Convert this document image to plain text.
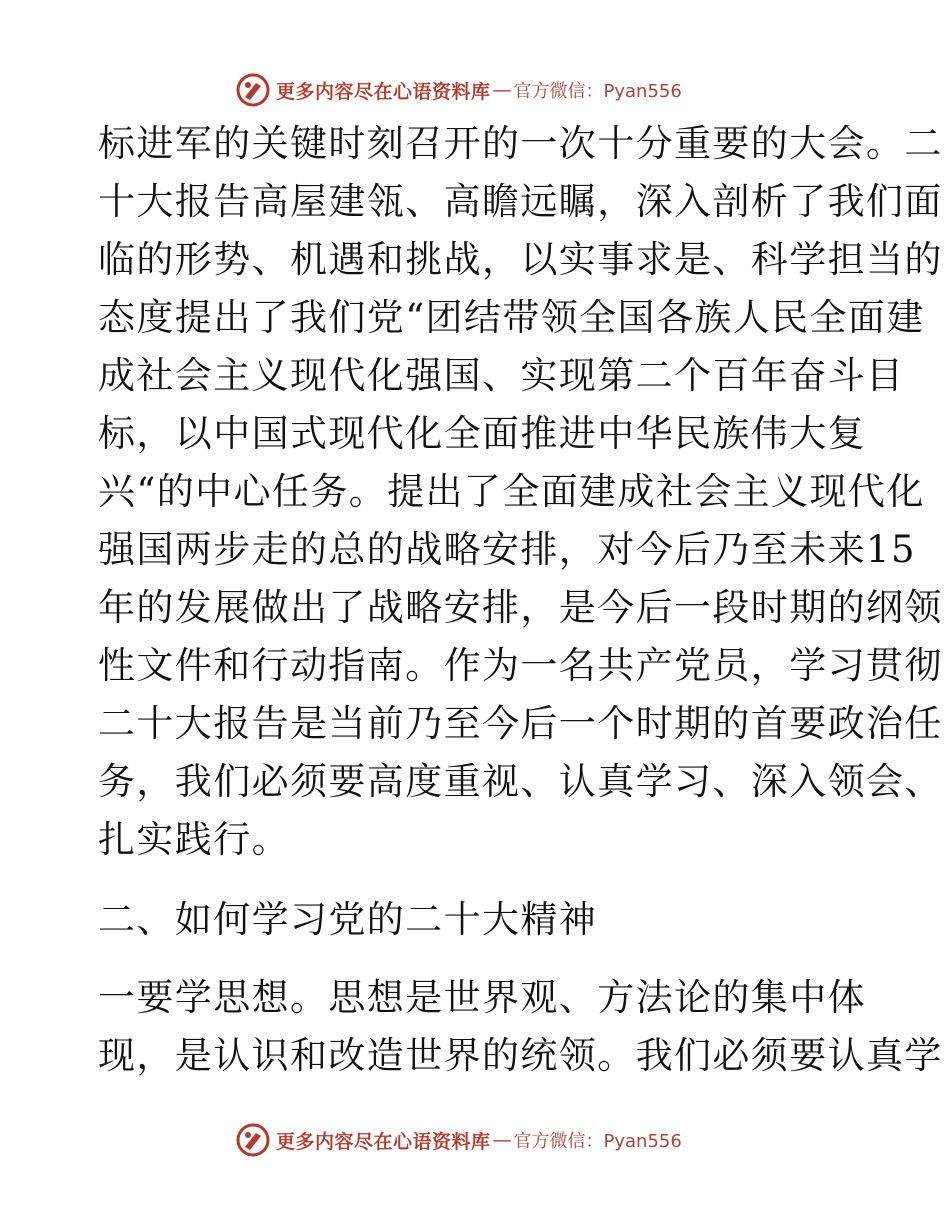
更多内容尽在心语资料库 — 官方微信：Pyan556
标进军的关键时刻召开的一次十分重要的大会。二
十大报告高屋建瓴、高瞻远瞩，深入剖析了我们面
临的形势、机遇和挑战，以实事求是、科学担当的
态度提出了我们党“团结带领全国各族人民全面建
成社会主义现代化强国、实现第二个百年奋斗目
标，以中国式现代化全面推进中华民族伟大复
兴“的中心任务。提出了全面建成社会主义现代化
强国两步走的总的战略安排，对今后乃至未来15
年的发展做出了战略安排，是今后一段时期的纲领
性文件和行动指南。作为一名共产党员，学习贯彻
二十大报告是当前乃至今后一个时期的首要政治任
务，我们必须要高度重视、认真学习、深入领会、
扎实践行。
二、如何学习党的二十大精神
一要学思想。思想是世界观、方法论的集中体
现，是认识和改造世界的统领。我们必须要认真学
更多内容尽在心语资料库 — 官方微信：Pyan556
